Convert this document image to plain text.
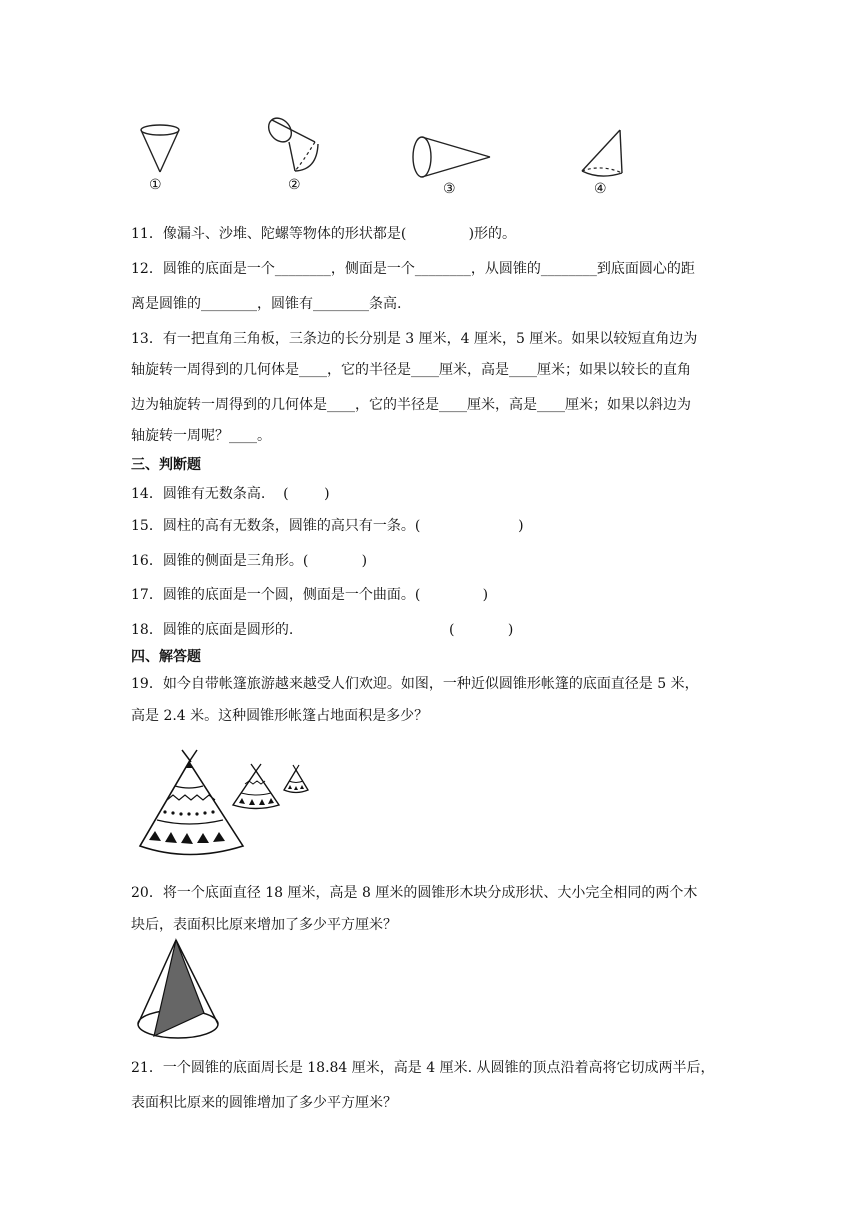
①	②	③	④
11．像漏斗、沙堆、陀螺等物体的形状都是(              )形的。
12．圆锥的底面是一个________，侧面是一个________，从圆锥的________到底面圆心的距
离是圆锥的________，圆锥有________条高.
13．有一把直角三角板，三条边的长分别是 3 厘米，4 厘米，5 厘米。如果以较短直角边为
轴旋转一周得到的几何体是____，它的半径是____厘米，高是____厘米；如果以较长的直角
边为轴旋转一周得到的几何体是____，它的半径是____厘米，高是____厘米；如果以斜边为
轴旋转一周呢？____。
三、判断题
14．圆锥有无数条高.    (        )
15．圆柱的高有无数条，圆锥的高只有一条。(                      )
16．圆锥的侧面是三角形。(            )
17．圆锥的底面是一个圆，侧面是一个曲面。(              )
18．圆锥的底面是圆形的.                                   (            )
四、解答题
19．如今自带帐篷旅游越来越受人们欢迎。如图，一种近似圆锥形帐篷的底面直径是 5 米，
高是 2.4 米。这种圆锥形帐篷占地面积是多少？
20．将一个底面直径 18 厘米，高是 8 厘米的圆锥形木块分成形状、大小完全相同的两个木
块后，表面积比原来增加了多少平方厘米？
21．一个圆锥的底面周长是 18.84 厘米，高是 4 厘米. 从圆锥的顶点沿着高将它切成两半后，
表面积比原来的圆锥增加了多少平方厘米？
